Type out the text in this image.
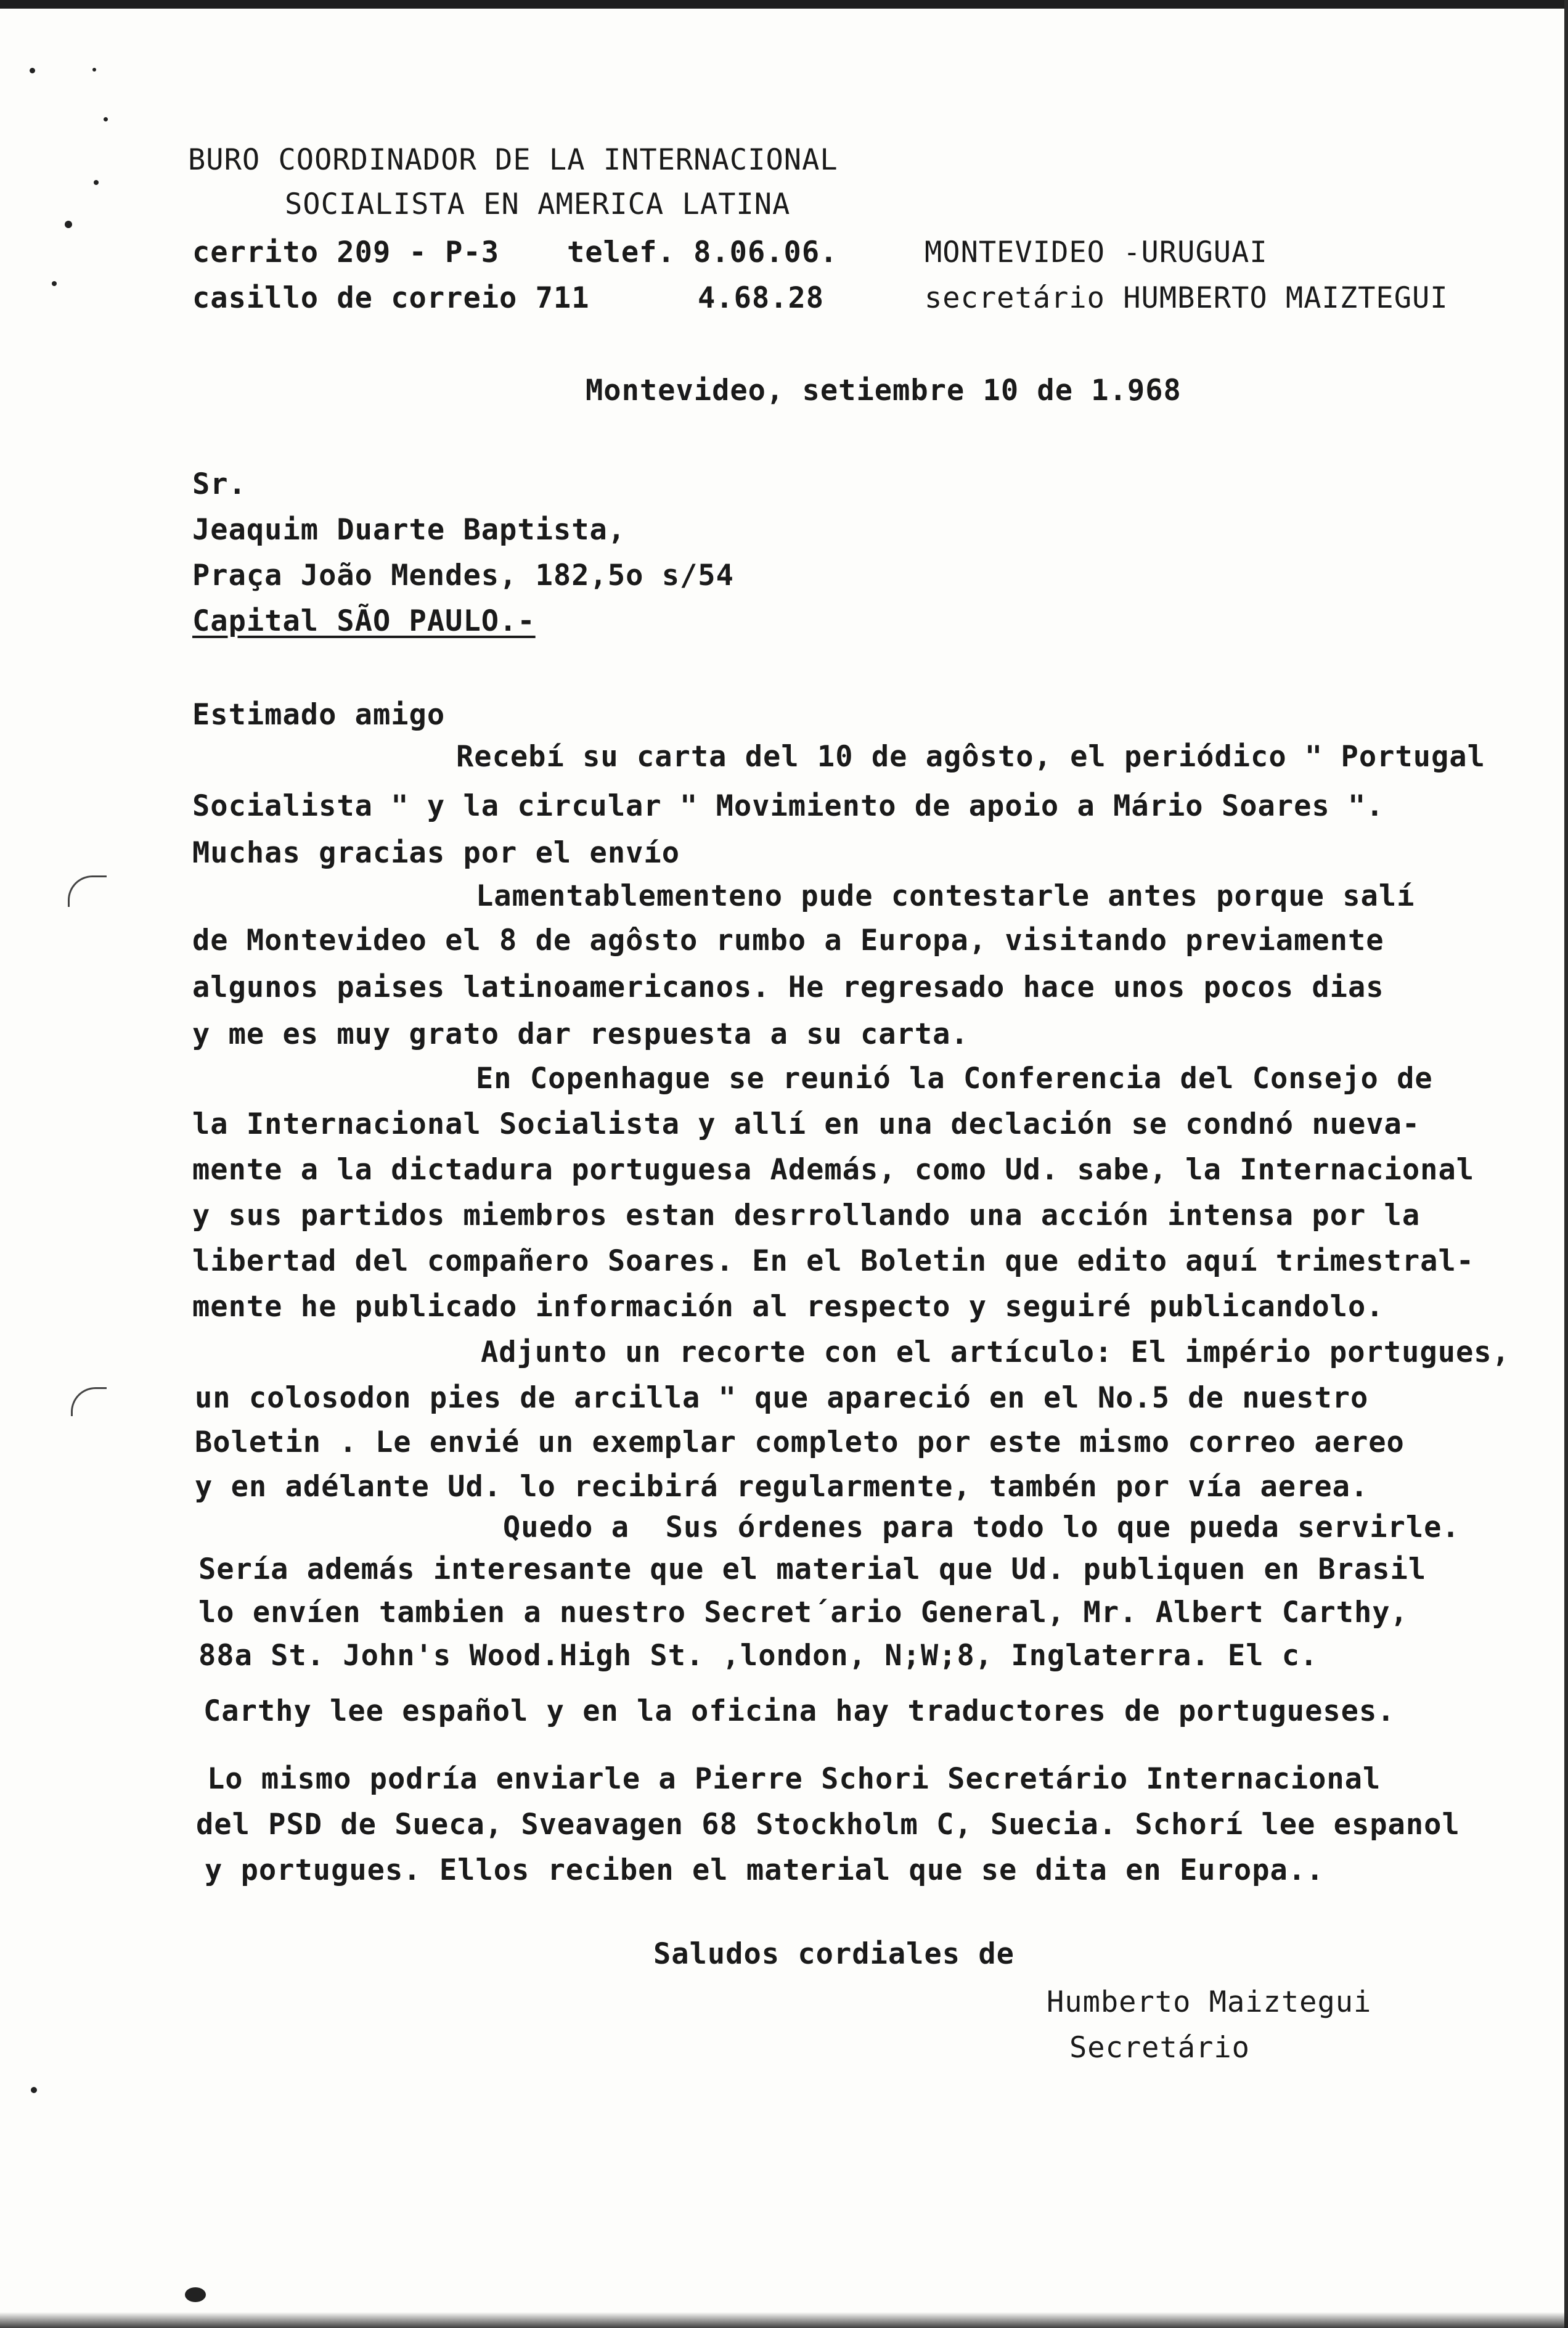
BURO COORDINADOR DE LA INTERNACIONAL
SOCIALISTA EN AMERICA LATINA
cerrito 209 - P-3 telef. 8.06.06.	MONTEVIDEO -URUGUAI
casillo de correio 711	4.68.28	secretário HUMBERTO MAIZTEGUI
Montevideo, setiembre 10 de 1.968
Sr.
Jeaquim Duarte Baptista,
Praça João Mendes, 182,5o s/54
Capital SÃO PAULO.-
Estimado amigo
Recebí su carta del 10 de agôsto, el periódico " Portugal
Socialista " y la circular " Movimiento de apoio a Mário Soares ".
Muchas gracias por el envío
Lamentablementeno pude contestarle antes porque salí
de Montevideo el 8 de agôsto rumbo a Europa, visitando previamente
algunos paises latinoamericanos. He regresado hace unos pocos dias
y me es muy grato dar respuesta a su carta.
En Copenhague se reunió la Conferencia del Consejo de
la Internacional Socialista y allí en una declación se condnó nueva-
mente a la dictadura portuguesa Además, como Ud. sabe, la Internacional
y sus partidos miembros estan desrrollando una acción intensa por la
libertad del compañero Soares. En el Boletin que edito aquí trimestral-
mente he publicado información al respecto y seguiré publicandolo.
Adjunto un recorte con el artículo: El império portugues,
un colosodon pies de arcilla " que apareció en el No.5 de nuestro
Boletin . Le envié un exemplar completo por este mismo correo aereo
y en adélante Ud. lo recibirá regularmente, tambén por vía aerea.
Quedo a  Sus órdenes para todo lo que pueda servirle.
Sería además interesante que el material que Ud. publiquen en Brasil
lo envíen tambien a nuestro Secret´ario General, Mr. Albert Carthy,
88a St. John's Wood.High St. ,london, N;W;8, Inglaterra. El c.
Carthy lee español y en la oficina hay traductores de portugueses.
Lo mismo podría enviarle a Pierre Schori Secretário Internacional
del PSD de Sueca, Sveavagen 68 Stockholm C, Suecia. Schorí lee espanol
y portugues. Ellos reciben el material que se dita en Europa..
Saludos cordiales de
Humberto Maiztegui
Secretário
